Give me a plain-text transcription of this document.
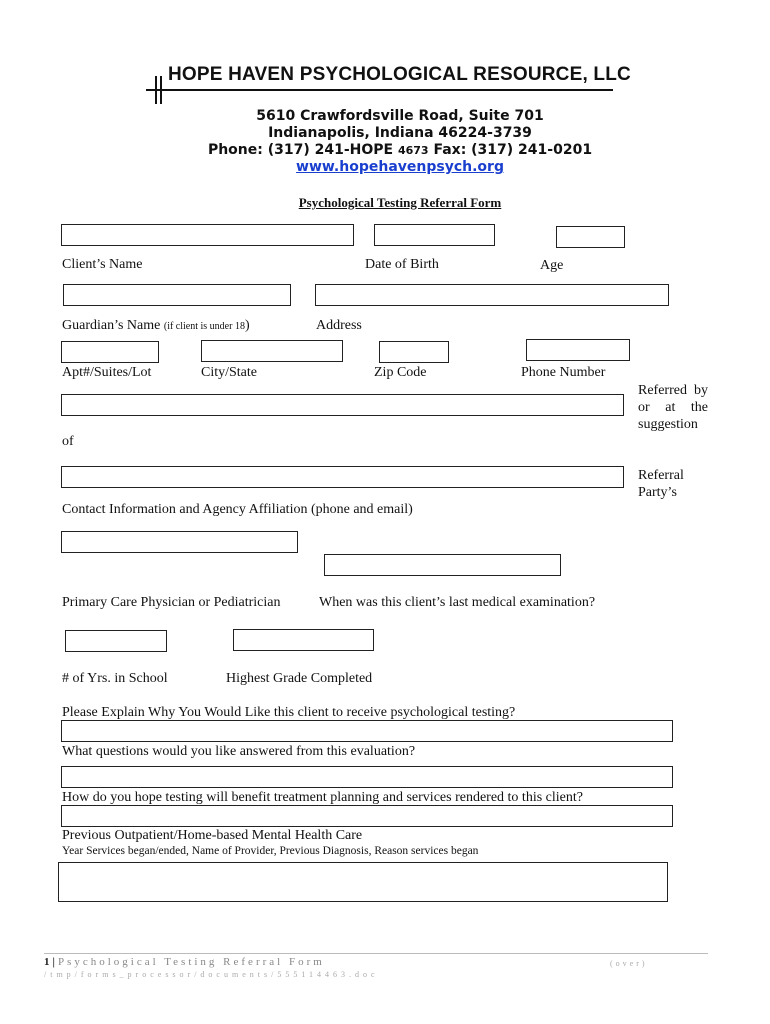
HOPE HAVEN PSYCHOLOGICAL RESOURCE, LLC
5610 Crawfordsville Road, Suite 701
Indianapolis, Indiana 46224-3739
Phone: (317) 241-HOPE 4673 Fax: (317) 241-0201
www.hopehavenpsych.org
Psychological Testing Referral Form
Client’s Name	Date of Birth	Age
Guardian’s Name (if client is under 18)	Address
Apt#/Suites/Lot	City/State	Zip Code	Phone Number
Referred by or at the suggestion
of
Referral Party’s
Contact Information and Agency Affiliation (phone and email)
Primary Care Physician or Pediatrician	When was this client’s last medical examination?
# of Yrs. in School	Highest Grade Completed
Please Explain Why You Would Like this client to receive psychological testing?
What questions would you like answered from this evaluation?
How do you hope testing will benefit treatment planning and services rendered to this client?
Previous Outpatient/Home-based Mental Health Care
Year Services began/ended, Name of Provider, Previous Diagnosis, Reason services began
1|Psychological Testing Referral Form
/tmp/forms_processor/documents/555114463.doc
(over)
